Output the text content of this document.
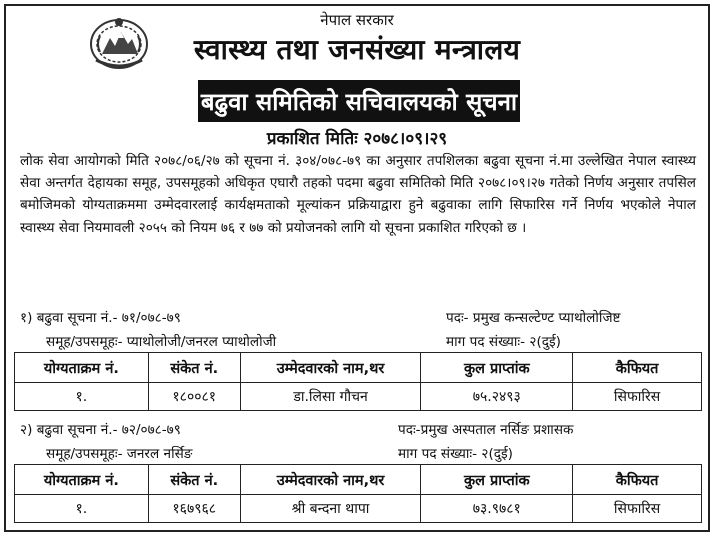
नेपाल सरकार
स्वास्थ्य तथा जनसंख्या मन्त्रालय
बढुवा समितिको सचिवालयको सूचना
प्रकाशित मितिः २०७८।०९।२९
लोक सेवा आयोगको मिति २०७८/०६/२७ को सूचना नं. ३०४/०७८-७९ का अनुसार तपशिलका बढुवा सूचना नं.मा उल्लेखित नेपाल स्वास्थ्य सेवा अन्तर्गत देहायका समूह, उपसमूहको अधिकृत एघारौ तहको पदमा बढुवा समितिको मिति २०७८।०९।२७ गतेको निर्णय अनुसार तपसिल बमोजिमको योग्यताक्रममा उम्मेदवारलाई कार्यक्षमताको मूल्यांकन प्रक्रियाद्वारा हुने बढुवाका लागि सिफारिस गर्ने निर्णय भएकोले नेपाल स्वास्थ्य सेवा नियमावली २०५५ को नियम ७६ र ७७ को प्रयोजनको लागि यो सूचना प्रकाशित गरिएको छ ।
१) बढुवा सूचना नं.- ७१/०७८-७९	पदः- प्रमुख कन्सल्टेण्ट प्याथोलोजिष्ट
समूह/उपसमूहः- प्याथोलोजी/जनरल प्याथोलोजी	माग पद संख्याः- २(दुई)
योग्यताक्रम नं.	संकेत नं.	उम्मेदवारको नाम,थर	कुल प्राप्तांक	कैफियत
१.	१८००८१	डा.लिसा गौचन	७५.२४९३	सिफारिस
२) बढुवा सूचना नं.- ७२/०७८-७९	पदः-प्रमुख अस्पताल नर्सिङ प्रशासक
समूह/उपसमूहः- जनरल नर्सिङ	माग पद संख्याः- २(दुई)
योग्यताक्रम नं.	संकेत नं.	उम्मेदवारको नाम,थर	कुल प्राप्तांक	कैफियत
१.	१६७९६८	श्री बन्दना थापा	७३.९७८१	सिफारिस
